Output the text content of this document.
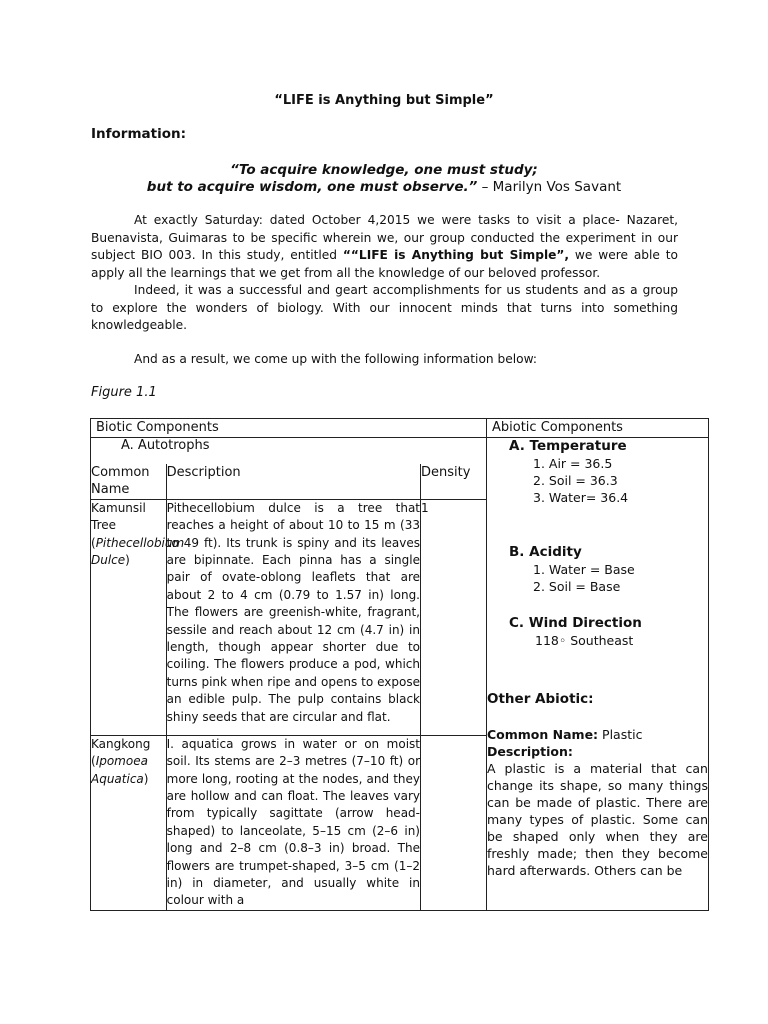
“LIFE is Anything but Simple”
Information:
“To acquire knowledge, one must study;
but to acquire wisdom, one must observe.” – Marilyn Vos Savant
At exactly Saturday: dated October 4,2015 we were tasks to visit a place- Nazaret, Buenavista, Guimaras to be specific wherein we, our group conducted the experiment in our subject BIO 003. In this study, entitled ““LIFE is Anything but Simple”, we were able to apply all the learnings that we get from all the knowledge of our beloved professor.
Indeed, it was a successful and geart accomplishments for us students and as a group to explore the wonders of biology. With our innocent minds that turns into something knowledgeable.
And as a result, we come up with the following information below:
Figure 1.1
Biotic Components	Abiotic Components

A. Autotrophs
Common Name	Description	Density
Kamunsil Tree
(Pithecellobium Dulce)	Pithecellobium dulce is a tree that reaches a height of about 10 to 15 m (33 to 49 ft). Its trunk is spiny and its leaves are bipinnate. Each pinna has a single pair of ovate-oblong leaflets that are about 2 to 4 cm (0.79 to 1.57 in) long. The flowers are greenish-white, fragrant, sessile and reach about 12 cm (4.7 in) in length, though appear shorter due to coiling. The flowers produce a pod, which turns pink when ripe and opens to expose an edible pulp. The pulp contains black shiny seeds that are circular and flat.	1
Kangkong
(Ipomoea Aquatica)	I. aquatica grows in water or on moist soil. Its stems are 2–3 metres (7–10 ft) or more long, rooting at the nodes, and they are hollow and can float. The leaves vary from typically sagittate (arrow head-shaped) to lanceolate, 5–15 cm (2–6 in) long and 2–8 cm (0.8–3 in) broad. The flowers are trumpet-shaped, 3–5 cm (1–2 in) in diameter, and usually white in colour with a	

A. Temperature
1. Air = 36.5
2. Soil = 36.3
3. Water= 36.4
B. Acidity
1. Water = Base
2. Soil = Base
C. Wind Direction
118◦ Southeast
Other Abiotic:
Common Name: Plastic
Description:
A plastic is a material that can change its shape, so many things can be made of plastic. There are many types of plastic. Some can be shaped only when they are freshly made; then they become hard afterwards. Others can be
